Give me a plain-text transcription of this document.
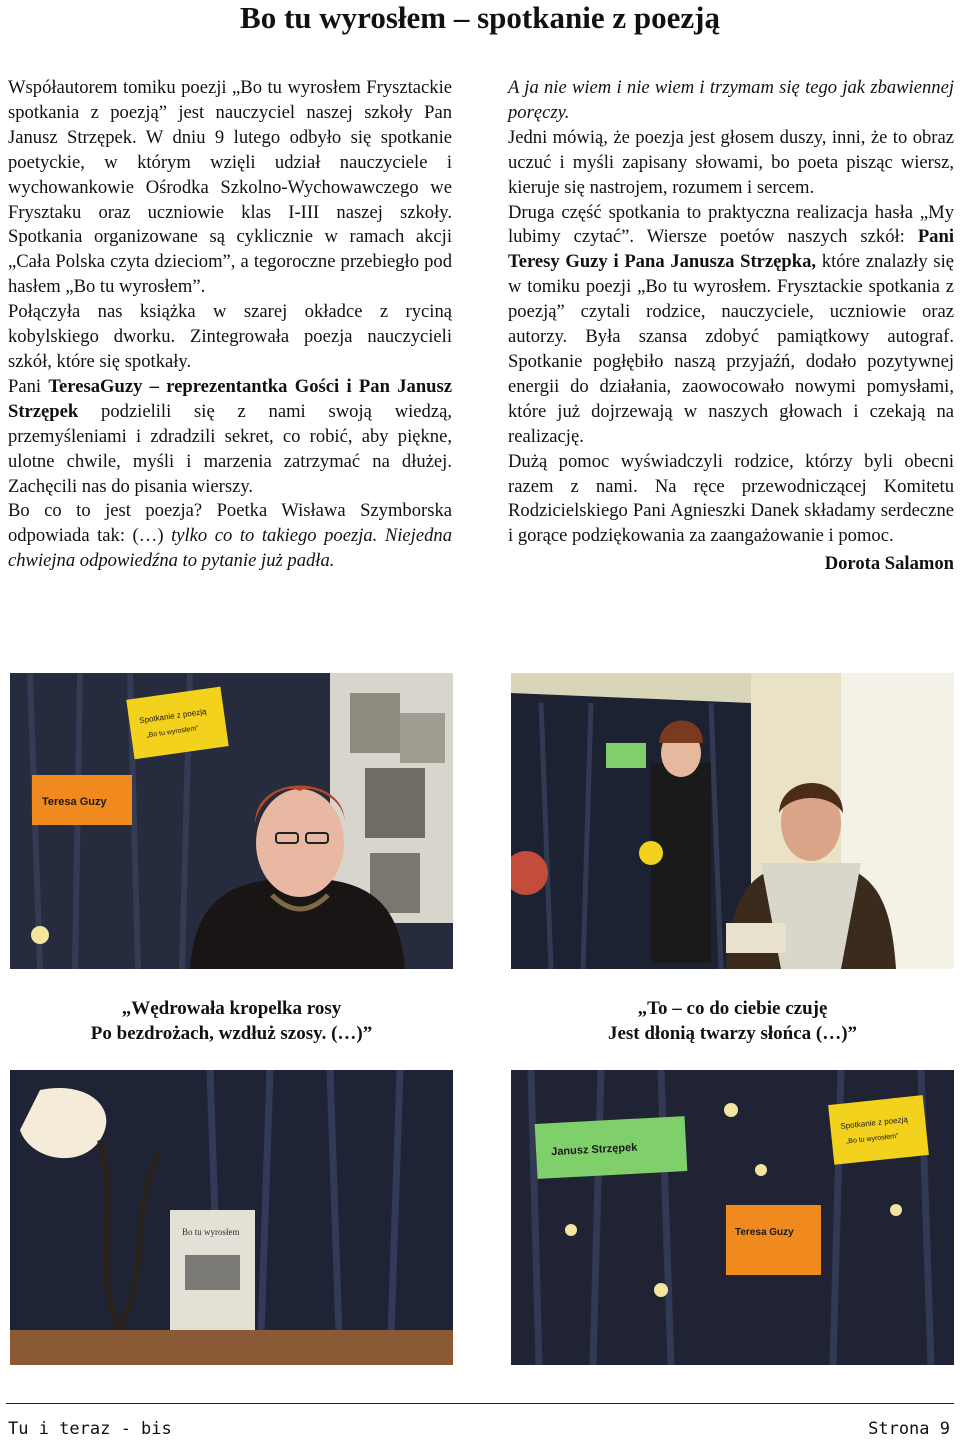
Bo tu wyrosłem – spotkanie z poezją

Współautorem tomiku poezji „Bo tu wyrosłem Frysztackie spotkania z poezją” jest nauczyciel naszej szkoły Pan Janusz Strzępek. W dniu 9 lutego odbyło się spotkanie poetyckie, w którym wzięli udział nauczyciele i wychowankowie Ośrodka Szkolno-Wychowawczego we Frysztaku oraz uczniowie klas I-III naszej szkoły. Spotkania organizowane są cyklicznie w ramach akcji „Cała Polska czyta dzieciom”, a tegoroczne przebiegło pod hasłem „Bo tu wyrosłem”.

Połączyła nas książka w szarej okładce z ryciną kobylskiego dworku. Zintegrowała poezja nauczycieli szkół, które się spotkały.

Pani TeresaGuzy – reprezentantka Gości i Pan Janusz Strzępek podzielili się z nami swoją wiedzą, przemyśleniami i zdradzili sekret, co robić, aby piękne, ulotne chwile, myśli i marzenia zatrzymać na dłużej. Zachęcili nas do pisania wierszy.

Bo co to jest poezja? Poetka Wisława Szymborska odpowiada tak: (…) tylko co to takiego poezja. Niejedna chwiejna odpowiedźna to pytanie już padła.

A ja nie wiem i nie wiem i trzymam się tego jak zbawiennej poręczy.

Jedni mówią, że poezja jest głosem duszy, inni, że to obraz uczuć i myśli zapisany słowami, bo poeta pisząc wiersz, kieruje się nastrojem, rozumem i sercem.

Druga część spotkania to praktyczna realizacja hasła „My lubimy czytać”. Wiersze poetów naszych szkół: Pani Teresy Guzy i Pana Janusza Strzępka, które znalazły się w tomiku poezji „Bo tu wyrosłem. Frysztackie spotkania z poezją” czytali rodzice, nauczyciele, uczniowie oraz autorzy. Była szansa zdobyć pamiątkowy autograf. Spotkanie pogłębiło naszą przyjaźń, dodało pozytywnej energii do działania, zaowocowało nowymi pomysłami, które już dojrzewają w naszych głowach i czekają na realizację.

Dużą pomoc wyświadczyli rodzice, którzy byli obecni razem z nami. Na ręce przewodniczącej Komitetu Rodzicielskiego Pani Agnieszki Danek składamy serdeczne i gorące podziękowania za zaangażowanie i pomoc.

Dorota Salamon

Spotkanie z poezją
„Bo tu wyrosłem”
Teresa Guzy

„Wędrowała kropelka rosy

Po bezdrożach, wzdłuż szosy. (…)”

„To – co do ciebie czuję

Jest dłonią twarzy słońca (…)”

Bo tu wyrosłem
Janusz Strzępek
Spotkanie z poezją
„Bo tu wyrosłem”
Teresa Guzy
Tu i teraz - bis	Strona 9
